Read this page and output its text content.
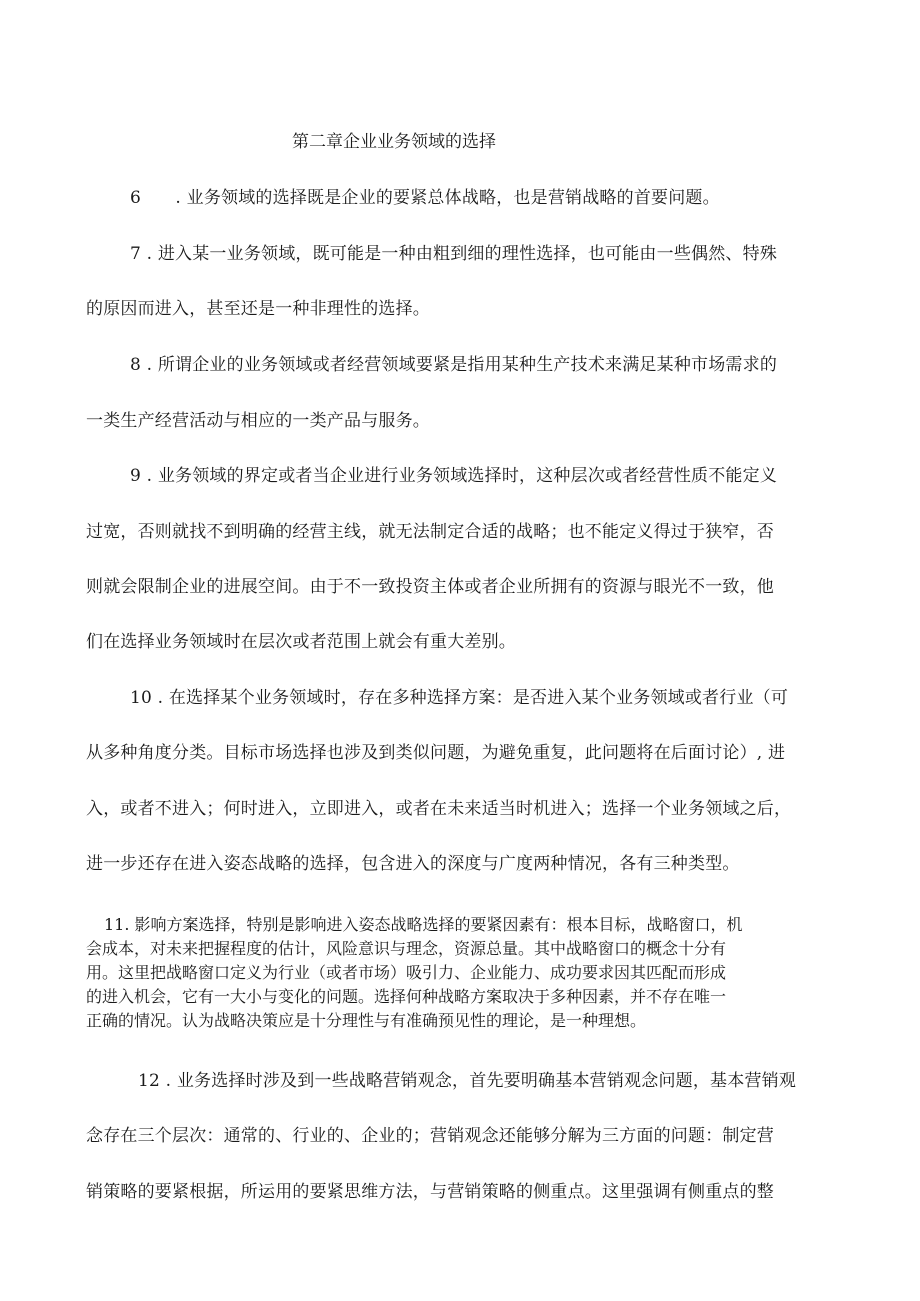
第二章企业业务领域的选择
6　　. 业务领域的选择既是企业的要紧总体战略，也是营销战略的首要问题。
7 . 进入某一业务领域，既可能是一种由粗到细的理性选择，也可能由一些偶然、特殊
的原因而进入，甚至还是一种非理性的选择。
8 . 所谓企业的业务领域或者经营领域要紧是指用某种生产技术来满足某种市场需求的
一类生产经营活动与相应的一类产品与服务。
9 . 业务领域的界定或者当企业进行业务领域选择时，这种层次或者经营性质不能定义
过宽，否则就找不到明确的经营主线，就无法制定合适的战略；也不能定义得过于狭窄，否
则就会限制企业的进展空间。由于不一致投资主体或者企业所拥有的资源与眼光不一致，他
们在选择业务领域时在层次或者范围上就会有重大差别。
10 . 在选择某个业务领域时，存在多种选择方案：是否进入某个业务领域或者行业（可
从多种角度分类。目标市场选择也涉及到类似问题，为避免重复，此问题将在后面讨论）, 进
入，或者不进入；何时进入，立即进入，或者在未来适当时机进入；选择一个业务领域之后，
进一步还存在进入姿态战略的选择，包含进入的深度与广度两种情况，各有三种类型。
11. 影响方案选择，特别是影响进入姿态战略选择的要紧因素有：根本目标，战略窗口，机
会成本，对未来把握程度的估计，风险意识与理念，资源总量。其中战略窗口的概念十分有
用。这里把战略窗口定义为行业（或者市场）吸引力、企业能力、成功要求因其匹配而形成
的进入机会，它有一大小与变化的问题。选择何种战略方案取决于多种因素，并不存在唯一
正确的情况。认为战略决策应是十分理性与有准确预见性的理论，是一种理想。
12 . 业务选择时涉及到一些战略营销观念，首先要明确基本营销观念问题，基本营销观
念存在三个层次：通常的、行业的、企业的；营销观念还能够分解为三方面的问题：制定营
销策略的要紧根据，所运用的要紧思维方法，与营销策略的侧重点。这里强调有侧重点的整
